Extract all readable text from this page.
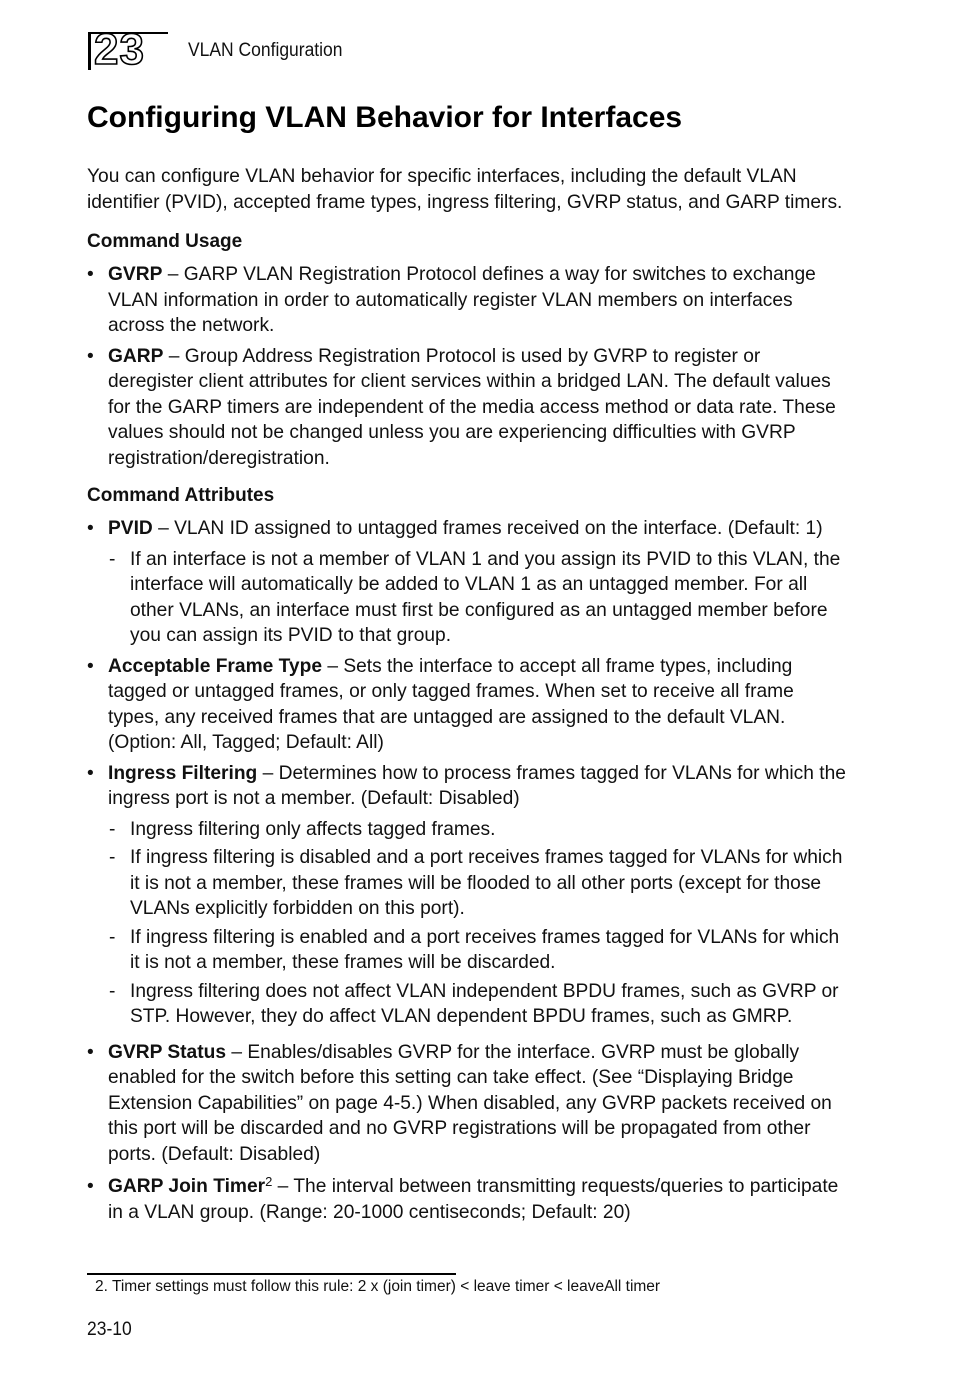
23 VLAN Configuration
Configuring VLAN Behavior for Interfaces

You can configure VLAN behavior for specific interfaces, including the default VLAN identifier (PVID), accepted frame types, ingress filtering, GVRP status, and GARP timers.

Command Usage
• GVRP – GARP VLAN Registration Protocol defines a way for switches to exchange VLAN information in order to automatically register VLAN members on interfaces across the network.
• GARP – Group Address Registration Protocol is used by GVRP to register or deregister client attributes for client services within a bridged LAN. The default values for the GARP timers are independent of the media access method or data rate. These values should not be changed unless you are experiencing difficulties with GVRP registration/deregistration.
Command Attributes
• PVID – VLAN ID assigned to untagged frames received on the interface. (Default: 1)
- If an interface is not a member of VLAN 1 and you assign its PVID to this VLAN, the interface will automatically be added to VLAN 1 as an untagged member. For all other VLANs, an interface must first be configured as an untagged member before you can assign its PVID to that group.
• Acceptable Frame Type – Sets the interface to accept all frame types, including tagged or untagged frames, or only tagged frames. When set to receive all frame types, any received frames that are untagged are assigned to the default VLAN. (Option: All, Tagged; Default: All)
• Ingress Filtering – Determines how to process frames tagged for VLANs for which the ingress port is not a member. (Default: Disabled)
- Ingress filtering only affects tagged frames.
- If ingress filtering is disabled and a port receives frames tagged for VLANs for which it is not a member, these frames will be flooded to all other ports (except for those VLANs explicitly forbidden on this port).
- If ingress filtering is enabled and a port receives frames tagged for VLANs for which it is not a member, these frames will be discarded.
- Ingress filtering does not affect VLAN independent BPDU frames, such as GVRP or STP. However, they do affect VLAN dependent BPDU frames, such as GMRP.
• GVRP Status – Enables/disables GVRP for the interface. GVRP must be globally enabled for the switch before this setting can take effect. (See “Displaying Bridge Extension Capabilities” on page 4-5.) When disabled, any GVRP packets received on this port will be discarded and no GVRP registrations will be propagated from other ports. (Default: Disabled)
• GARP Join Timer$^2$ – The interval between transmitting requests/queries to participate in a VLAN group. (Range: 20-1000 centiseconds; Default: 20)
2. Timer settings must follow this rule: 2 x (join timer) < leave timer < leaveAll timer
23-10
